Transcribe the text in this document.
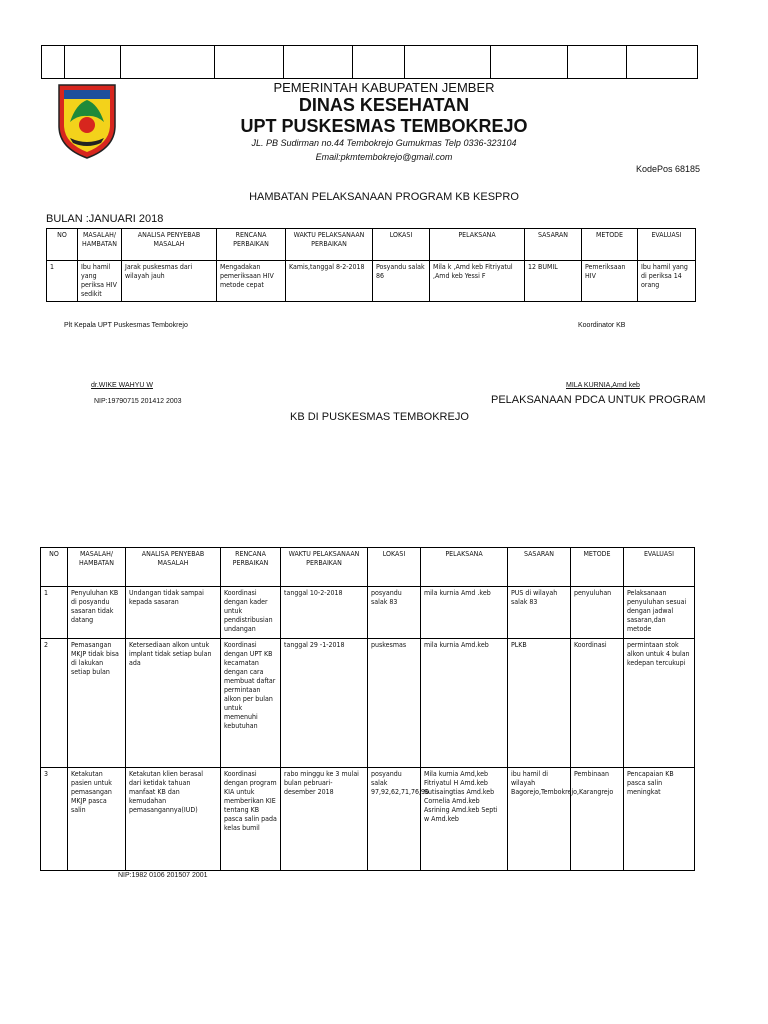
PEMERINTAH KABUPATEN JEMBER
DINAS KESEHATAN
UPT PUSKESMAS TEMBOKREJO
JL. PB Sudirman no.44 Tembokrejo Gumukmas Telp 0336-323104
Email:pkmtembokrejo@gmail.com
KodePos 68185
HAMBATAN PELAKSANAAN PROGRAM KB KESPRO
BULAN :JANUARI 2018
NO	MASALAH/ HAMBATAN	ANALISA PENYEBAB MASALAH	RENCANA PERBAIKAN	WAKTU PELAKSANAAN PERBAIKAN	LOKASI	PELAKSANA	SASARAN	METODE	EVALUASI
1	Ibu hamil yang periksa HIV sedikit	Jarak puskesmas dari wilayah jauh	Mengadakan pemeriksaan HIV metode cepat	Kamis,tanggal 8-2-2018	Posyandu salak 86	Mila k ,Amd keb Fitriyatul ,Amd keb Yessi F	12 BUMIL	Pemeriksaan HIV	Ibu hamil yang di periksa 14 orang
Plt Kepala UPT Puskesmas Tembokrejo	Koordinator KB
dr.WIKE WAHYU W	MILA KURNIA,Amd keb
NIP:19790715 201412 2003	PELAKSANAAN PDCA UNTUK PROGRAM
KB DI PUSKESMAS TEMBOKREJO
NO	MASALAH/ HAMBATAN	ANALISA PENYEBAB MASALAH	RENCANA PERBAIKAN	WAKTU PELAKSANAAN PERBAIKAN	LOKASI	PELAKSANA	SASARAN	METODE	EVALUASI
1	Penyuluhan KB di posyandu sasaran tidak datang	Undangan tidak sampai kepada sasaran	Koordinasi dengan kader untuk pendistribusian undangan	tanggal 10-2-2018	posyandu salak 83	mila kurnia Amd .keb	PUS di wilayah salak 83	penyuluhan	Pelaksanaan penyuluhan sesuai dengan jadwal sasaran,dan metode
2	Pemasangan MKJP tidak bisa di lakukan setiap bulan	Ketersediaan alkon untuk implant tidak setiap bulan ada	Koordinasi dengan UPT KB kecamatan dengan cara membuat daftar permintaan alkon per bulan untuk memenuhi kebutuhan	tanggal 29 -1-2018	puskesmas	mila kurnia Amd.keb	PLKB	Koordinasi	permintaan stok alkon untuk 4 bulan kedepan tercukupi
3	Ketakutan pasien untuk pemasangan MKJP pasca salin	Ketakutan klien berasal dari ketidak tahuan manfaat KB dan kemudahan pemasangannya(IUD)	Koordinasi dengan program KIA untuk memberikan KIE tentang KB pasca salin pada kelas bumil	rabo minggu ke 3 mulai bulan pebruari-desember 2018	posyandu salak 97,92,62,71,76,96	Mila kurnia Amd,keb Fitriyatul H Amd.keb Sutisaingtias Amd.keb Cornelia Amd.keb Asrining Amd.keb Septi w Amd.keb	ibu hamil di wilayah Bagorejo,Tembokrejo,Karangrejo	Pembinaan	Pencapaian KB pasca salin meningkat
NIP:1982 0106 201507 2001
